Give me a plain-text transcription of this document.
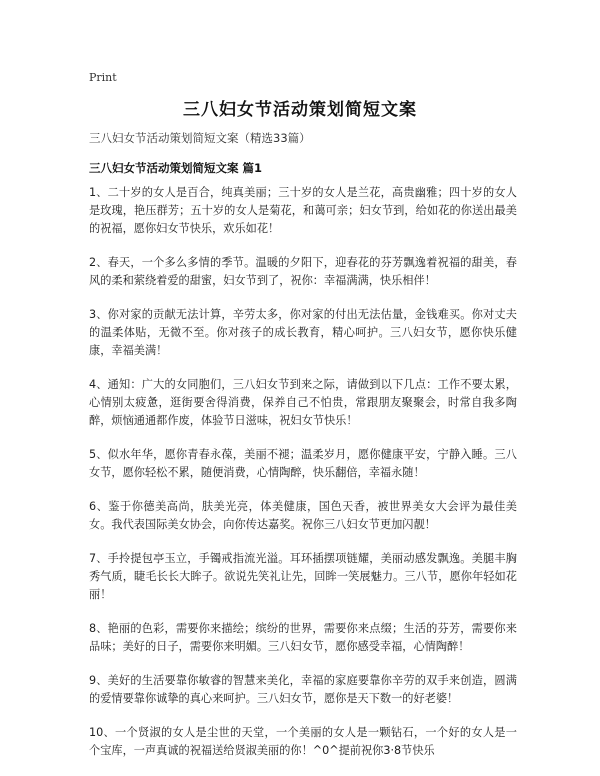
Print
三八妇女节活动策划简短文案
三八妇女节活动策划简短文案（精选33篇）
三八妇女节活动策划简短文案 篇1

1、二十岁的女人是百合，纯真美丽；三十岁的女人是兰花，高贵幽雅；四十岁的女人是玫瑰，艳压群芳；五十岁的女人是菊花，和蔼可亲；妇女节到，给如花的你送出最美的祝福，愿你妇女节快乐，欢乐如花！

2、春天，一个多么多情的季节。温暖的夕阳下，迎春花的芬芳飘逸着祝福的甜美，春风的柔和萦绕着爱的甜蜜，妇女节到了，祝你：幸福满满，快乐相伴！

3、你对家的贡献无法计算，辛劳太多，你对家的付出无法估量，金钱难买。你对丈夫的温柔体贴，无微不至。你对孩子的成长教育，精心呵护。三八妇女节，愿你快乐健康，幸福美满！

4、通知：广大的女同胞们，三八妇女节到来之际，请做到以下几点：工作不要太累，心情别太疲惫，逛街要舍得消费，保养自己不怕贵，常跟朋友聚聚会，时常自我多陶醉，烦恼通通都作废，体验节日滋味，祝妇女节快乐！

5、似水年华，愿你青春永葆，美丽不褪；温柔岁月，愿你健康平安，宁静入睡。三八女节，愿你轻松不累，随便消费，心情陶醉，快乐翻倍，幸福永随！

6、鉴于你德美高尚，肤美光亮，体美健康，国色天香，被世界美女大会评为最佳美女。我代表国际美女协会，向你传达嘉奖。祝你三八妇女节更加闪靓！

7、手拎提包亭玉立，手镯戒指流光溢。耳环插摆项链耀，美丽动感发飘逸。美腿丰胸秀气质，睫毛长长大眸子。欲说先笑礼让先，回眸一笑展魅力。三八节，愿你年轻如花丽！

8、艳丽的色彩，需要你来描绘；缤纷的世界，需要你来点缀；生活的芬芳，需要你来品味；美好的日子，需要你来明媚。三八妇女节，愿你感受幸福，心情陶醉！

9、美好的生活要靠你敏睿的智慧来美化，幸福的家庭要靠你辛劳的双手来创造，圆满的爱情要靠你诚挚的真心来呵护。三八妇女节，愿你是天下数一的好老婆！

10、一个贤淑的女人是尘世的天堂，一个美丽的女人是一颗钻石，一个好的女人是一个宝库，一声真诚的祝福送给贤淑美丽的你！^0^提前祝你3·8节快乐
